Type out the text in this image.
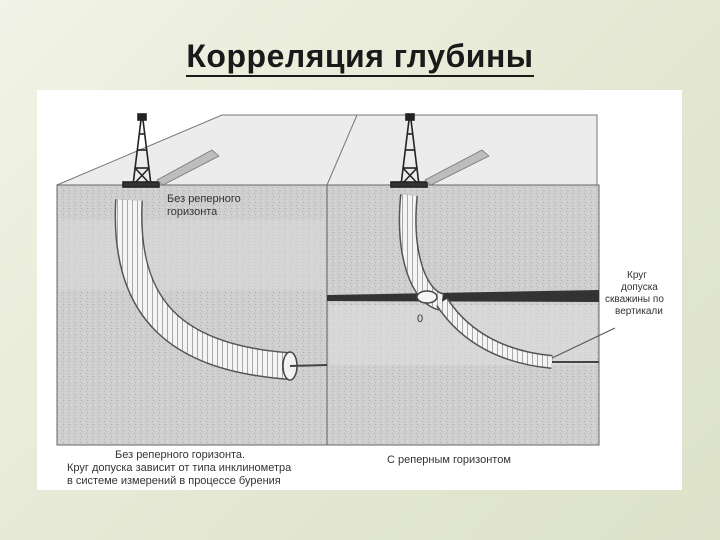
Корреляция глубины
Без реперного горизонта
0
Круг допуска скважины по вертикали
Без реперного горизонта. Круг допуска зависит от типа инклинометра в системе измерений в процессе бурения
С реперным горизонтом
